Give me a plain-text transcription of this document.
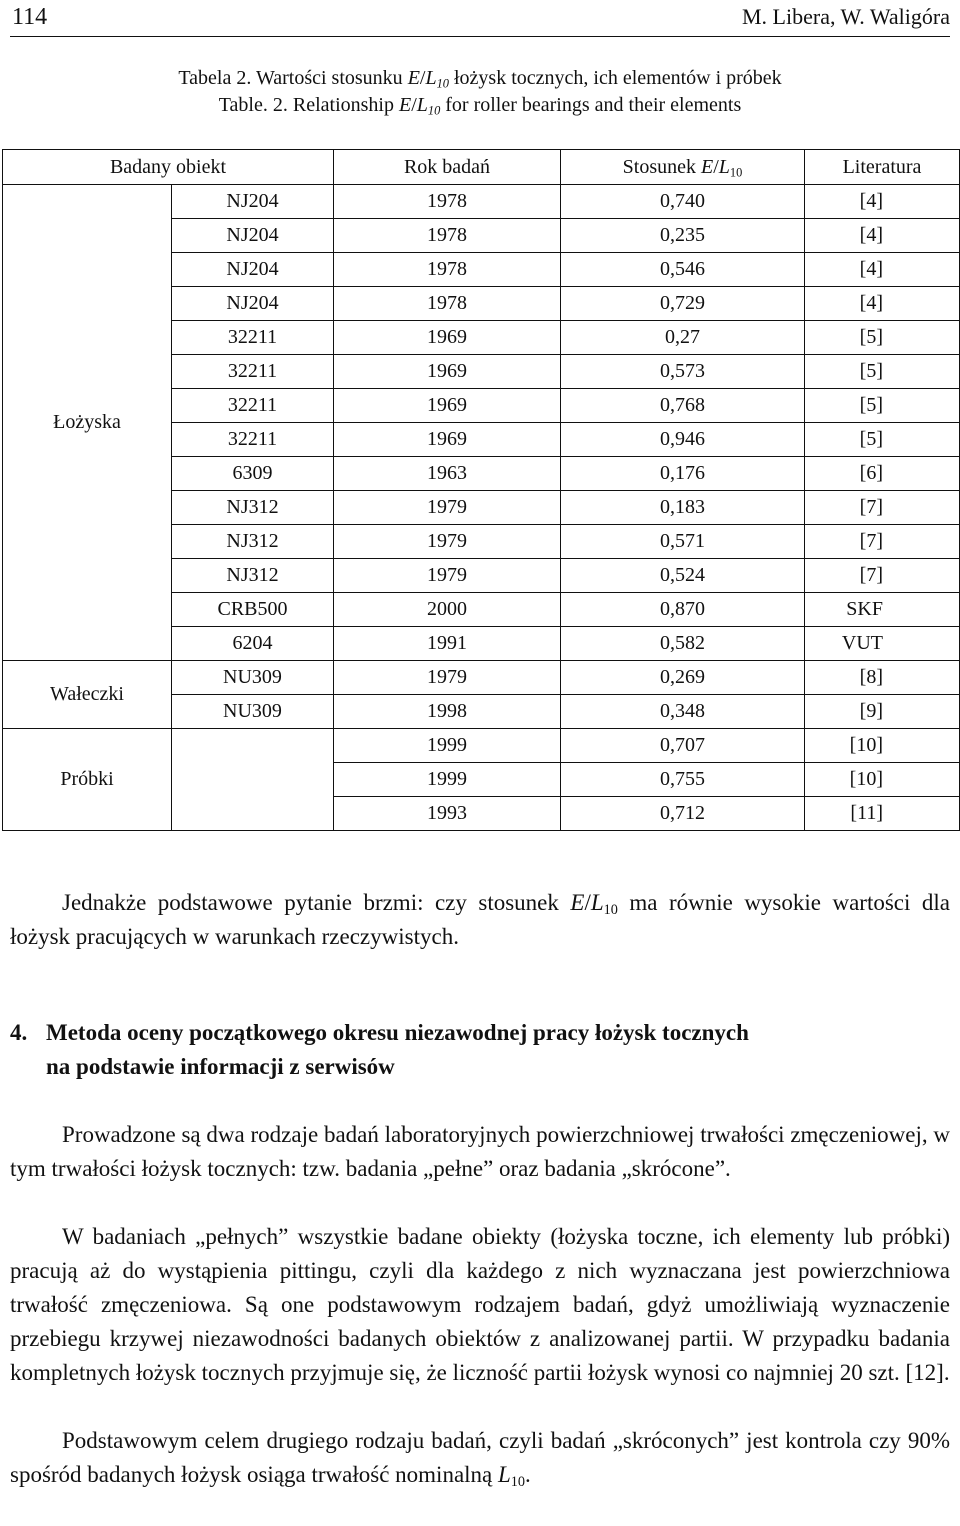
114	M. Libera, W. Waligóra
Tabela 2. Wartości stosunku $E/L_{10}$ łożysk tocznych, ich elementów i próbek
Table. 2. Relationship $E/L_{10}$ for roller bearings and their elements
Badany obiekt		Rok badań	Stosunek $E/L_{10}$	Literatura
Łożyska	NJ204	1978	0,740	[4]
	NJ204	1978	0,235	[4]
	NJ204	1978	0,546	[4]
	NJ204	1978	0,729	[4]
	32211	1969	0,27	[5]
	32211	1969	0,573	[5]
	32211	1969	0,768	[5]
	32211	1969	0,946	[5]
	6309	1963	0,176	[6]
	NJ312	1979	0,183	[7]
	NJ312	1979	0,571	[7]
	NJ312	1979	0,524	[7]
	CRB500	2000	0,870	SKF
	6204	1991	0,582	VUT
Wałeczki	NU309	1979	0,269	[8]
	NU309	1998	0,348	[9]
Próbki		1999	0,707	[10]
		1999	0,755	[10]
		1993	0,712	[11]

Jednakże podstawowe pytanie brzmi: czy stosunek $E/L_{10}$ ma równie wysokie wartości dla łożysk pracujących w warunkach rzeczywistych.

4. Metoda oceny początkowego okresu niezawodnej pracy łożysk tocznych
na podstawie informacji z serwisów

Prowadzone są dwa rodzaje badań laboratoryjnych powierzchniowej trwałości zmęczeniowej, w tym trwałości łożysk tocznych: tzw. badania „pełne” oraz badania „skrócone”.

W badaniach „pełnych” wszystkie badane obiekty (łożyska toczne, ich elementy lub próbki) pracują aż do wystąpienia pittingu, czyli dla każdego z nich wyznaczana jest powierzchniowa trwałość zmęczeniowa. Są one podstawowym rodzajem badań, gdyż umożliwiają wyznaczenie przebiegu krzywej niezawodności badanych obiektów z analizowanej partii. W przypadku badania kompletnych łożysk tocznych przyjmuje się, że liczność partii łożysk wynosi co najmniej 20 szt. [12].

Podstawowym celem drugiego rodzaju badań, czyli badań „skróconych” jest kontrola czy 90% spośród badanych łożysk osiąga trwałość nominalną $L_{10}$.
